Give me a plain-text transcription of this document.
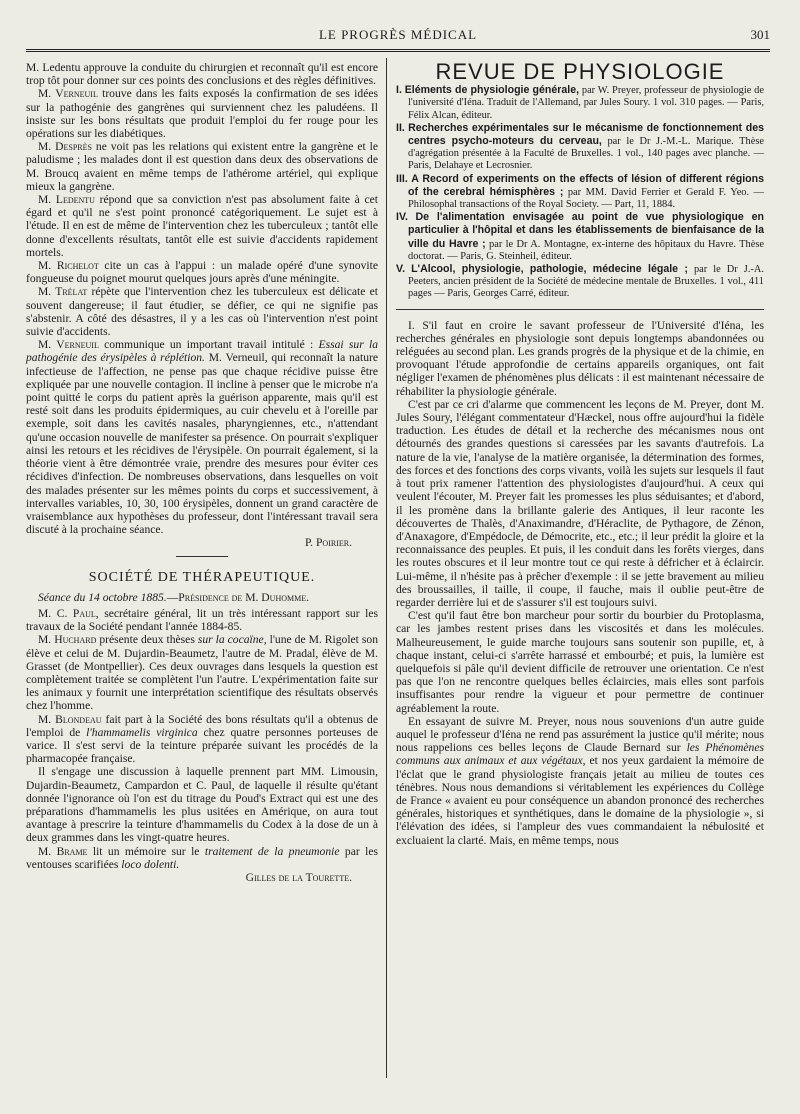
LE PROGRÈS MÉDICAL	301

M. Ledentu approuve la conduite du chirurgien et reconnaît qu'il est encore trop tôt pour donner sur ces points des conclusions et des règles définitives.

M. Verneuil trouve dans les faits exposés la confirmation de ses idées sur la pathogénie des gangrènes qui surviennent chez les paludéens. Il insiste sur les bons résultats que produit l'emploi du fer rouge pour les opérations sur les diabétiques.

M. Desprès ne voit pas les relations qui existent entre la gangrène et le paludisme ; les malades dont il est question dans deux des observations de M. Broucq avaient en même temps de l'athérome artériel, qui explique mieux la gangrène.

M. Ledentu répond que sa conviction n'est pas absolument faite à cet égard et qu'il ne s'est point prononcé catégoriquement. Le sujet est à l'étude. Il en est de même de l'intervention chez les tuberculeux ; tantôt elle donne d'excellents résultats, tantôt elle est suivie d'accidents rapidement mortels.

M. Richelot cite un cas à l'appui : un malade opéré d'une synovite fongueuse du poignet mourut quelques jours après d'une méningite.

M. Trélat répète que l'intervention chez les tuberculeux est délicate et souvent dangereuse; il faut étudier, se défier, ce qui ne signifie pas s'abstenir. A côté des désastres, il y a les cas où l'intervention n'est point suivie d'accidents.

M. Verneuil communique un important travail intitulé : Essai sur la pathogénie des érysipèles à réplétion. M. Verneuil, qui reconnaît la nature infectieuse de l'affection, ne pense pas que chaque récidive puisse être expliquée par une nouvelle contagion. Il incline à penser que le microbe n'a point quitté le corps du patient après la guérison apparente, mais qu'il est resté soit dans les produits épidermiques, au cuir chevelu et à l'oreille par exemple, soit dans les cavités nasales, pharyngiennes, etc., n'attendant qu'une occasion nouvelle de manifester sa présence. On pourrait s'expliquer ainsi les retours et les récidives de l'érysipèle. On pourrait également, si la théorie vient à être démontrée vraie, prendre des mesures pour éviter ces récidives d'infection. De nombreuses observations, dans lesquelles on voit des malades présenter sur les mêmes points du corps et successivement, à intervalles variables, 10, 30, 100 érysipèles, donnent un grand caractère de vraisemblance aux hypothèses du professeur, dont l'intéressant travail sera discuté à la prochaine séance.

P. Poirier.

SOCIÉTÉ DE THÉRAPEUTIQUE.

Séance du 14 octobre 1885.—Présidence de M. Duhomme.

M. C. Paul, secrétaire général, lit un très intéressant rapport sur les travaux de la Société pendant l'année 1884-85.

M. Huchard présente deux thèses sur la cocaïne, l'une de M. Rigolet son élève et celui de M. Dujardin-Beaumetz, l'autre de M. Pradal, élève de M. Grasset (de Montpellier). Ces deux ouvrages dans lesquels la question est complètement traitée se complètent l'un l'autre. L'expérimentation faite sur les animaux y fournit une interprétation scientifique des résultats observés chez l'homme.

M. Blondeau fait part à la Société des bons résultats qu'il a obtenus de l'emploi de l'hammamelis virginica chez quatre personnes porteuses de varice. Il s'est servi de la teinture préparée suivant les procédés de la pharmacopée française.

Il s'engage une discussion à laquelle prennent part MM. Limousin, Dujardin-Beaumetz, Campardon et C. Paul, de laquelle il résulte qu'étant donnée l'ignorance où l'on est du titrage du Poud's Extract qui est une des préparations d'hammamelis les plus usitées en Amérique, on aura tout avantage à prescrire la teinture d'hammamelis du Codex à la dose de un à deux grammes dans les vingt-quatre heures.

M. Brame lit un mémoire sur le traitement de la pneumonie par les ventouses scarifiées loco dolenti.

Gilles de la Tourette.

REVUE DE PHYSIOLOGIE

I. Eléments de physiologie générale, par W. Preyer, professeur de physiologie de l'université d'Iéna. Traduit de l'Allemand, par Jules Soury. 1 vol. 310 pages. — Paris, Félix Alcan, éditeur.

II. Recherches expérimentales sur le mécanisme de fonctionnement des centres psycho-moteurs du cerveau, par le Dr J.-M.-L. Marique. Thèse d'agrégation présentée à la Faculté de Bruxelles. 1 vol., 140 pages avec planche. — Paris, Delahaye et Lecrosnier.

III. A Record of experiments on the effects of lésion of different régions of the cerebral hémisphères ; par MM. David Ferrier et Gerald F. Yeo. — Philosophal transactions of the Royal Society. — Part, 11, 1884.

IV. De l'alimentation envisagée au point de vue physiologique en particulier à l'hôpital et dans les établissements de bienfaisance de la ville du Havre ; par le Dr A. Montagne, ex-interne des hôpitaux du Havre. Thèse doctorat. — Paris, G. Steinheil, éditeur.

V. L'Alcool, physiologie, pathologie, médecine légale ; par le Dr J.-A. Peeters, ancien président de la Société de médecine mentale de Bruxelles. 1 vol., 411 pages — Paris, Georges Carré, éditeur.

I. S'il faut en croire le savant professeur de l'Université d'Iéna, les recherches générales en physiologie sont depuis longtemps abandonnées ou reléguées au second plan. Les grands progrès de la physique et de la chimie, en provoquant l'étude approfondie de certains appareils organiques, ont fait négliger l'examen de phénomènes plus délicats : il est maintenant nécessaire de réhabiliter la physiologie générale.

C'est par ce cri d'alarme que commencent les leçons de M. Preyer, dont M. Jules Soury, l'élégant commentateur d'Hæckel, nous offre aujourd'hui la fidèle traduction. Les études de détail et la recherche des mécanismes nous ont détournés des grandes questions si caressées par les savants d'autrefois. La nature de la vie, l'analyse de la matière organisée, la détermination des formes, des forces et des fonctions des corps vivants, voilà les sujets sur lesquels il faut à tout prix ramener l'attention des physiologistes d'aujourd'hui. A ceux qui veulent l'écouter, M. Preyer fait les promesses les plus séduisantes; et d'abord, il les promène dans la brillante galerie des Antiques, il leur raconte les découvertes de Thalès, d'Anaximandre, d'Héraclite, de Pythagore, de Zénon, d'Anaxagore, d'Empédocle, de Démocrite, etc., etc.; il leur prédit la gloire et la reconnaissance des peuples. Et puis, il les conduit dans les forêts vierges, dans les routes obscures et il leur montre tout ce qui reste à défricher et à éclaircir. Lui-même, il n'hésite pas à prêcher d'exemple : il se jette bravement au milieu des broussailles, il taille, il coupe, il fauche, mais il oublie peut-être de regarder derrière lui et de s'assurer s'il est toujours suivi.

C'est qu'il faut être bon marcheur pour sortir du bourbier du Protoplasma, car les jambes restent prises dans les viscosités et dans les molécules. Malheureusement, le guide marche toujours sans soutenir son pupille, et, à chaque instant, celui-ci s'arrête harrassé et embourbé; et puis, la lumière est quelquefois si pâle qu'il devient difficile de retrouver une orientation. Ce n'est pas que l'on ne rencontre quelques belles éclaircies, mais elles sont parfois insuffisantes pour rendre la vigueur et pour permettre de continuer agréablement la route.

En essayant de suivre M. Preyer, nous nous souvenions d'un autre guide auquel le professeur d'Iéna ne rend pas assurément la justice qu'il mérite; nous nous rappelions ces belles leçons de Claude Bernard sur les Phénomènes communs aux animaux et aux végétaux, et nos yeux gardaient la mémoire de l'éclat que le grand physiologiste français jetait au milieu de toutes ces ténèbres. Nous nous demandions si véritablement les expériences du Collège de France « avaient eu pour conséquence un abandon prononcé des recherches générales, historiques et synthétiques, dans le domaine de la physiologie », si l'élévation des idées, si l'ampleur des vues commandaient la nébulosité et excluaient la clarté. Mais, en même temps, nous
